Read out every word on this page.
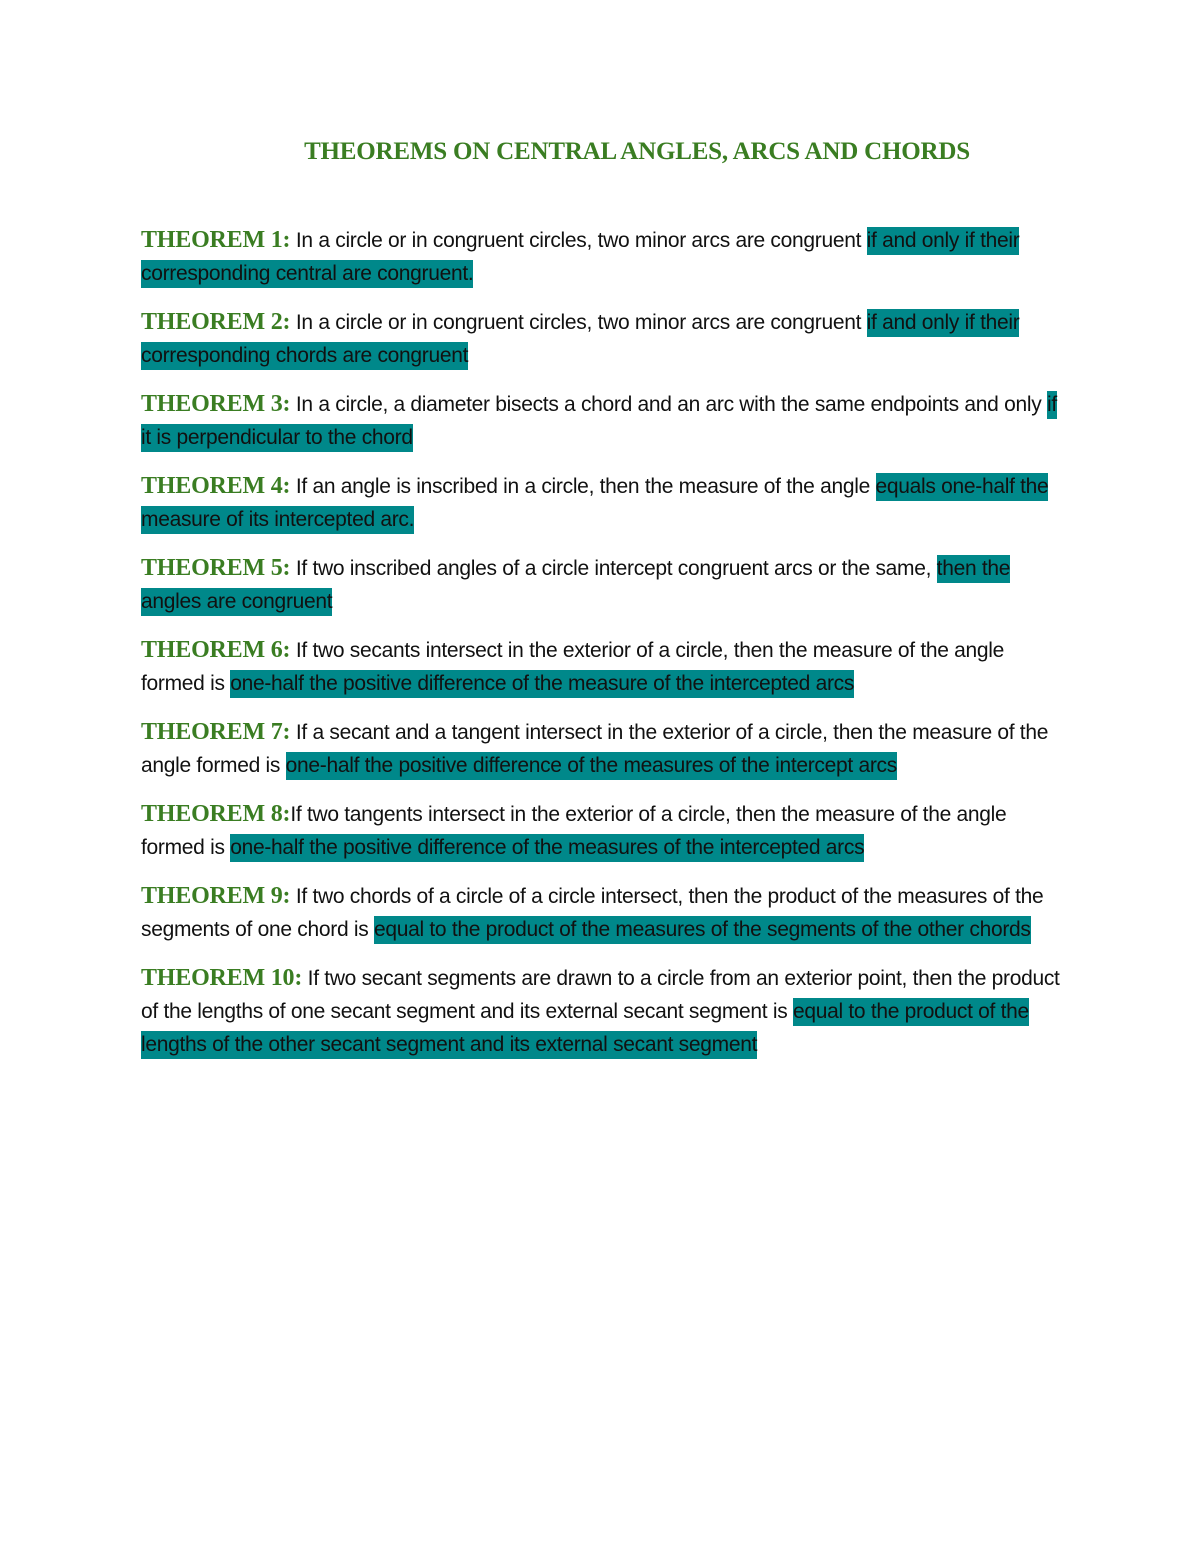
THEOREMS ON CENTRAL ANGLES, ARCS AND CHORDS

THEOREM 1: In a circle or in congruent circles, two minor arcs are congruent if and only if their corresponding central are congruent.

THEOREM 2: In a circle or in congruent circles, two minor arcs are congruent if and only if their corresponding chords are congruent

THEOREM 3: In a circle, a diameter bisects a chord and an arc with the same endpoints and only if it is perpendicular to the chord

THEOREM 4: If an angle is inscribed in a circle, then the measure of the angle equals one-half the measure of its intercepted arc.

THEOREM 5: If two inscribed angles of a circle intercept congruent arcs or the same, then the angles are congruent

THEOREM 6: If two secants intersect in the exterior of a circle, then the measure of the angle formed is one-half the positive difference of the measure of the intercepted arcs

THEOREM 7: If a secant and a tangent intersect in the exterior of a circle, then the measure of the angle formed is one-half the positive difference of the measures of the intercept arcs

THEOREM 8:If two tangents intersect in the exterior of a circle, then the measure of the angle formed is one-half the positive difference of the measures of the intercepted arcs

THEOREM 9: If two chords of a circle of a circle intersect, then the product of the measures of the segments of one chord is equal to the product of the measures of the segments of the other chords

THEOREM 10: If two secant segments are drawn to a circle from an exterior point, then the product of the lengths of one secant segment and its external secant segment is equal to the product of the lengths of the other secant segment and its external secant segment
